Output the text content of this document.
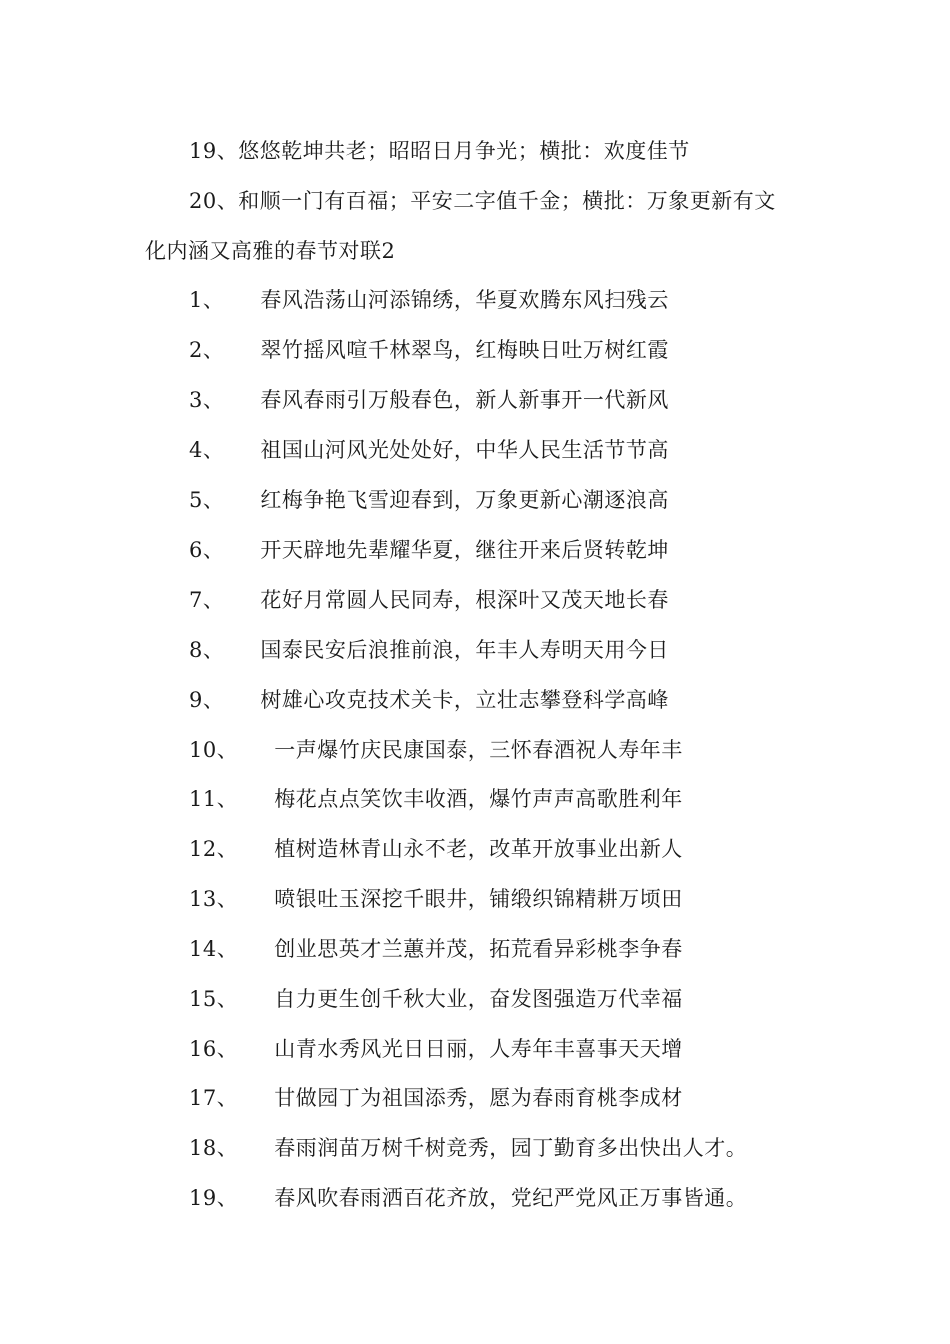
19、悠悠乾坤共老；昭昭日月争光；横批：欢度佳节
20、和顺一门有百福；平安二字值千金；横批：万象更新有文
化内涵又高雅的春节对联2
1、 春风浩荡山河添锦绣，华夏欢腾东风扫残云
2、 翠竹摇风喧千林翠鸟，红梅映日吐万树红霞
3、 春风春雨引万般春色，新人新事开一代新风
4、 祖国山河风光处处好，中华人民生活节节高
5、 红梅争艳飞雪迎春到，万象更新心潮逐浪高
6、 开天辟地先辈耀华夏，继往开来后贤转乾坤
7、 花好月常圆人民同寿，根深叶又茂天地长春
8、 国泰民安后浪推前浪，年丰人寿明天用今日
9、 树雄心攻克技术关卡，立壮志攀登科学高峰
10、 一声爆竹庆民康国泰，三怀春酒祝人寿年丰
11、 梅花点点笑饮丰收酒，爆竹声声高歌胜利年
12、 植树造林青山永不老，改革开放事业出新人
13、 喷银吐玉深挖千眼井，铺缎织锦精耕万顷田
14、 创业思英才兰蕙并茂，拓荒看异彩桃李争春
15、 自力更生创千秋大业，奋发图强造万代幸福
16、 山青水秀风光日日丽，人寿年丰喜事天天增
17、 甘做园丁为祖国添秀，愿为春雨育桃李成材
18、 春雨润苗万树千树竞秀，园丁勤育多出快出人才。
19、 春风吹春雨洒百花齐放，党纪严党风正万事皆通。
